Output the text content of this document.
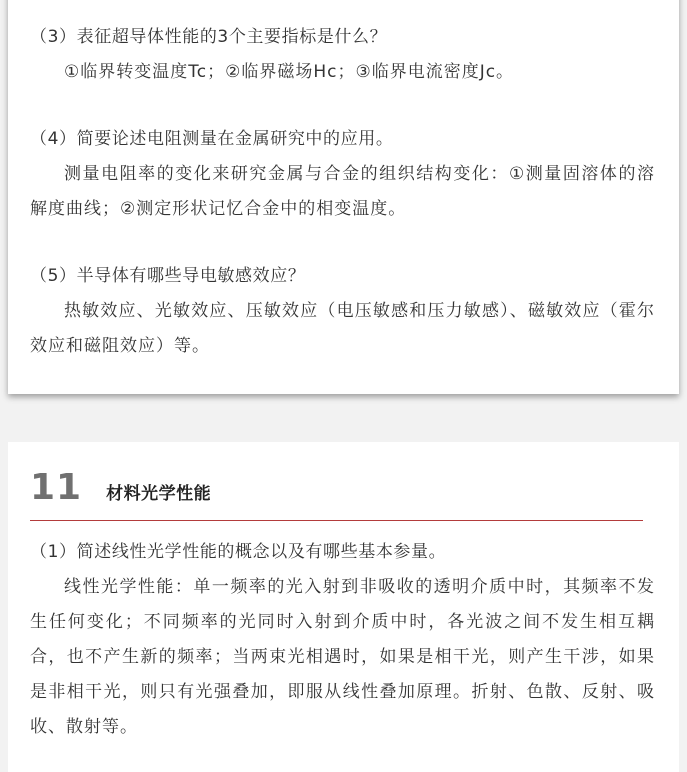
（3）表征超导体性能的3个主要指标是什么？

①临界转变温度Tc；②临界磁场Hc；③临界电流密度Jc。

（4）简要论述电阻测量在金属研究中的应用。

测量电阻率的变化来研究金属与合金的组织结构变化：①测量固溶体的溶解度曲线；②测定形状记忆合金中的相变温度。

（5）半导体有哪些导电敏感效应？

热敏效应、光敏效应、压敏效应（电压敏感和压力敏感）、磁敏效应（霍尔效应和磁阻效应）等。

11 材料光学性能
（1）简述线性光学性能的概念以及有哪些基本参量。

线性光学性能：单一频率的光入射到非吸收的透明介质中时，其频率不发生任何变化；不同频率的光同时入射到介质中时，各光波之间不发生相互耦合，也不产生新的频率；当两束光相遇时，如果是相干光，则产生干涉，如果是非相干光，则只有光强叠加，即服从线性叠加原理。折射、色散、反射、吸收、散射等。
